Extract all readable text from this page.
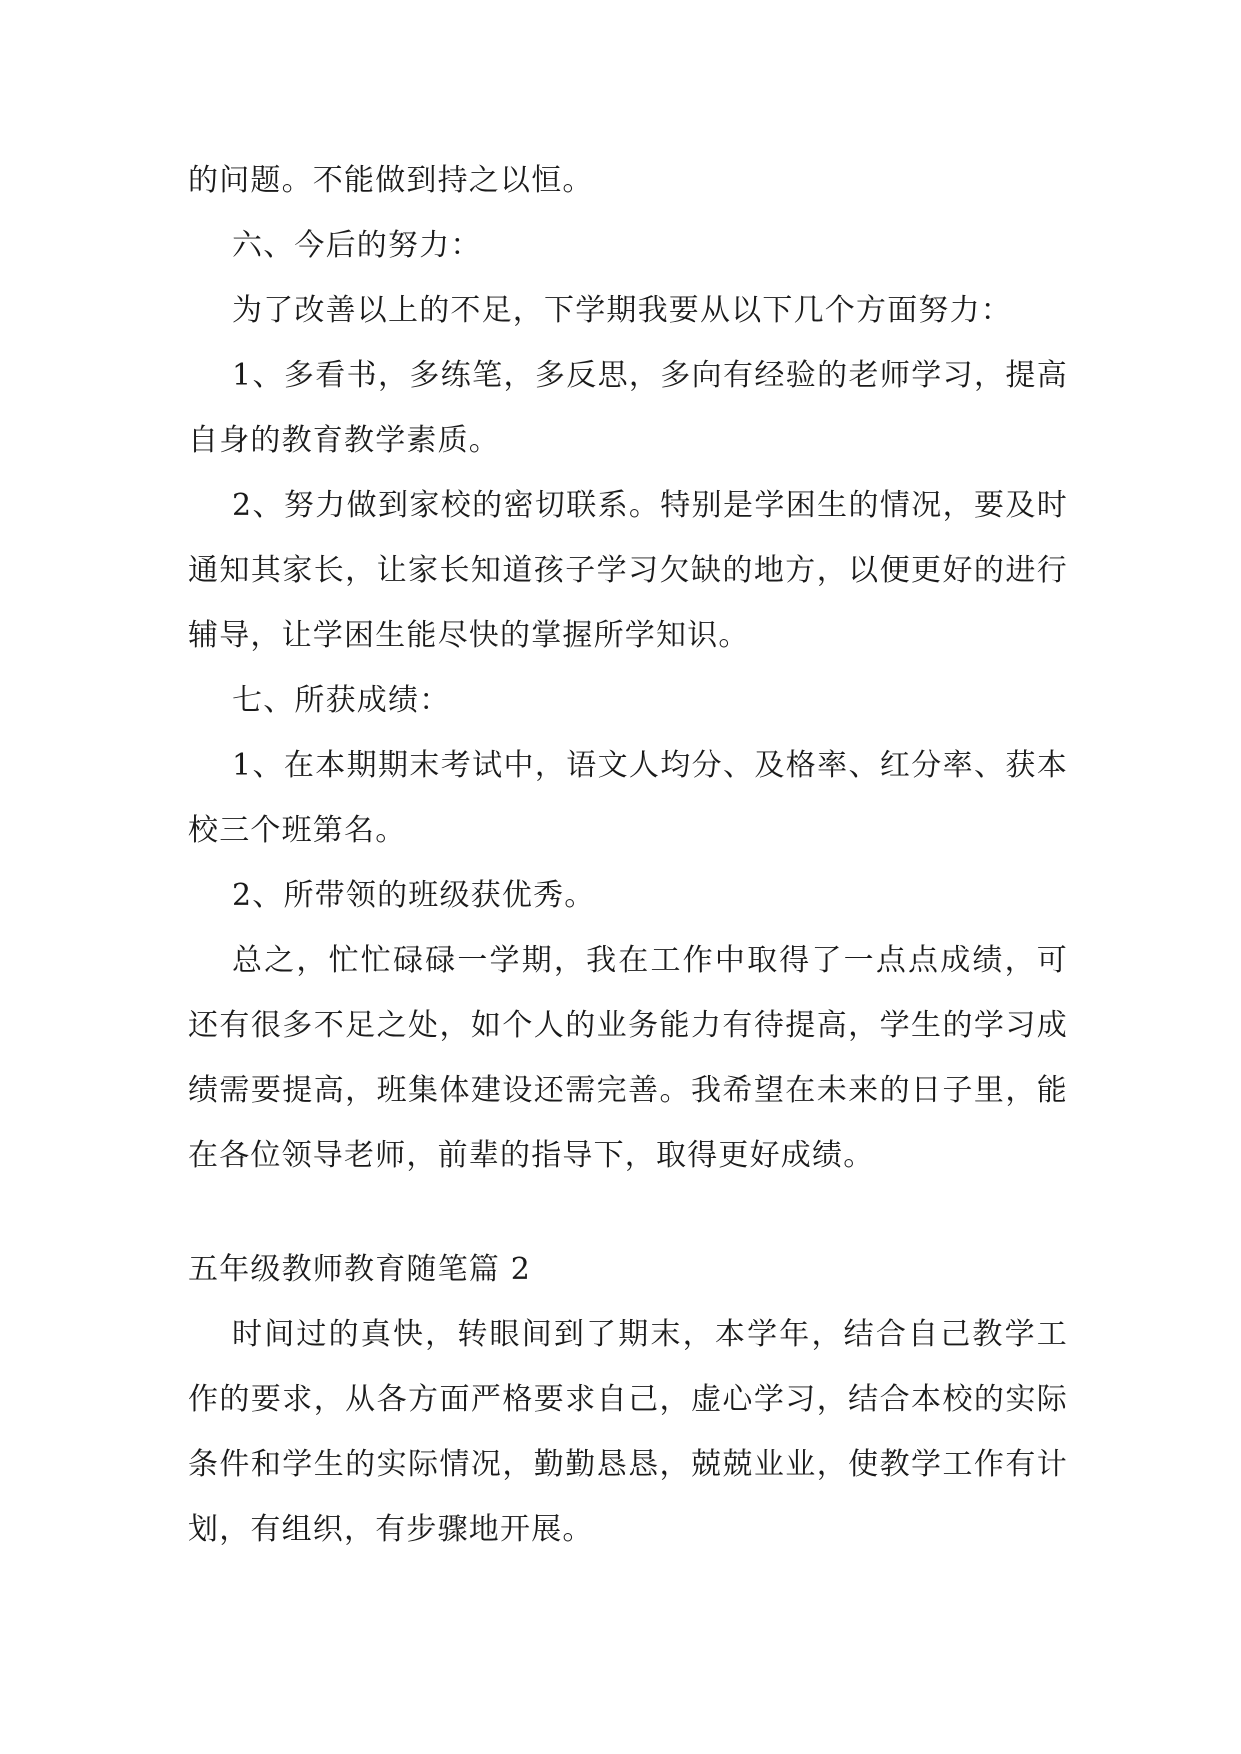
的问题。不能做到持之以恒。

六、今后的努力：

为了改善以上的不足，下学期我要从以下几个方面努力：

1、多看书，多练笔，多反思，多向有经验的老师学习，提高自身的教育教学素质。

2、努力做到家校的密切联系。特别是学困生的情况，要及时通知其家长，让家长知道孩子学习欠缺的地方，以便更好的进行辅导，让学困生能尽快的掌握所学知识。

七、所获成绩：

1、在本期期末考试中，语文人均分、及格率、红分率、获本校三个班第名。

2、所带领的班级获优秀。

总之，忙忙碌碌一学期，我在工作中取得了一点点成绩，可还有很多不足之处，如个人的业务能力有待提高，学生的学习成绩需要提高，班集体建设还需完善。我希望在未来的日子里，能在各位领导老师，前辈的指导下，取得更好成绩。

五年级教师教育随笔篇 2

时间过的真快，转眼间到了期末，本学年，结合自己教学工作的要求，从各方面严格要求自己，虚心学习，结合本校的实际条件和学生的实际情况，勤勤恳恳，兢兢业业，使教学工作有计划，有组织，有步骤地开展。
